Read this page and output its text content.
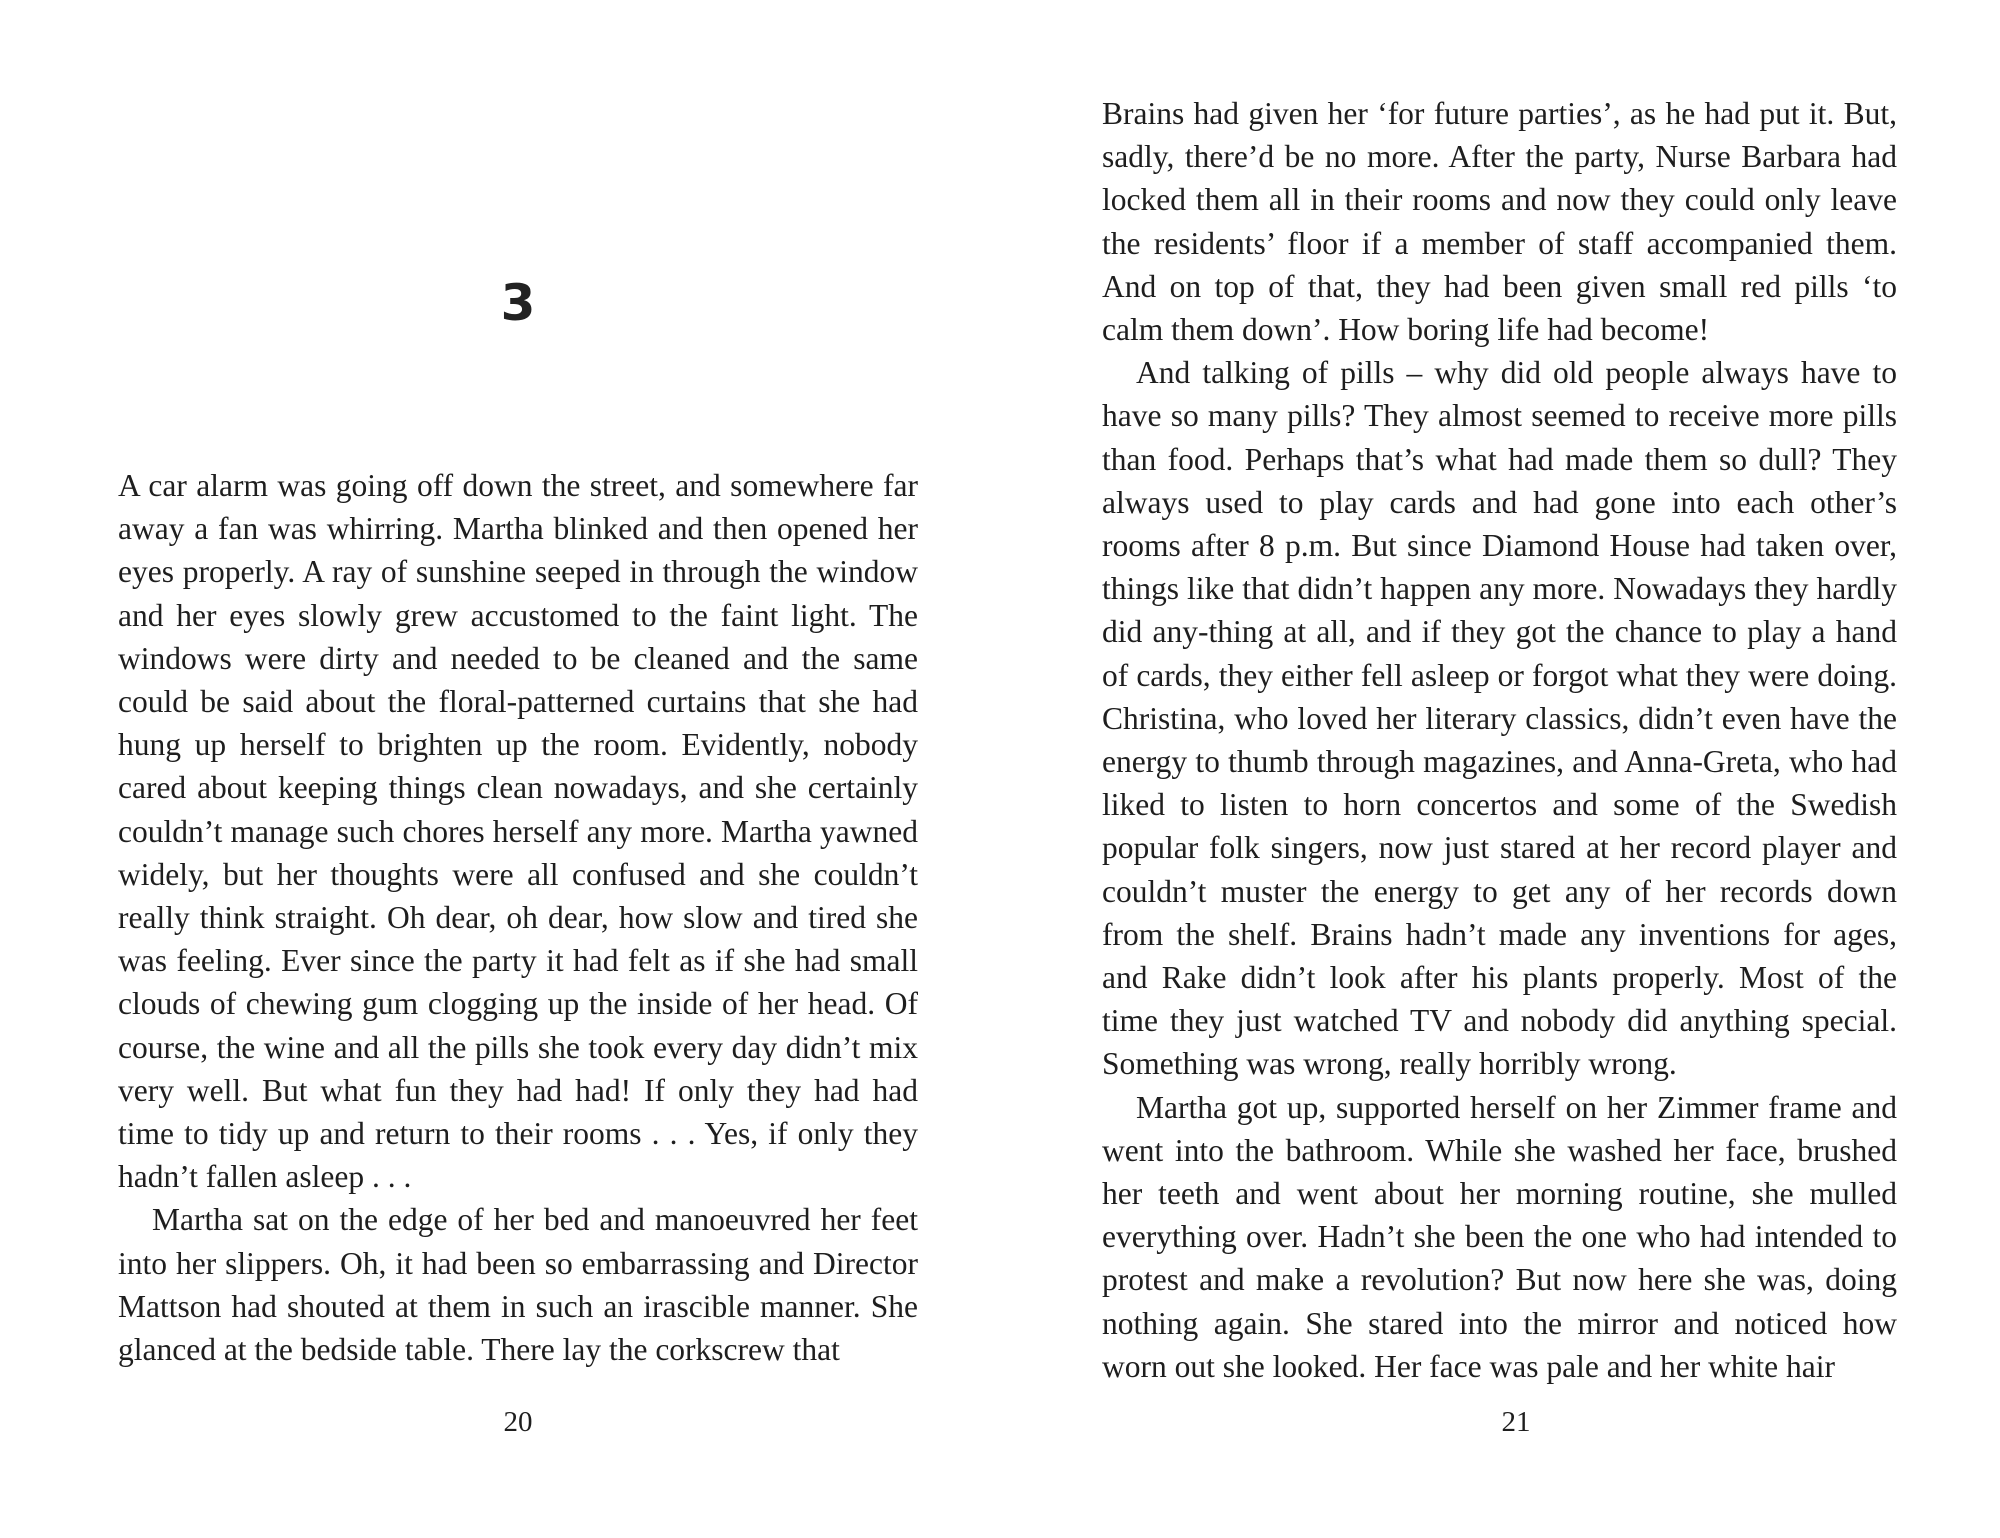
3

A car alarm was going off down the street, and somewhere far away a fan was whirring. Martha blinked and then opened her eyes properly. A ray of sunshine seeped in through the window and her eyes slowly grew accustomed to the faint light. The windows were dirty and needed to be cleaned and the same could be said about the floral-patterned curtains that she had hung up herself to brighten up the room. Evidently, nobody cared about keeping things clean nowadays, and she certainly couldn’t manage such chores herself any more. Martha yawned widely, but her thoughts were all confused and she couldn’t really think straight. Oh dear, oh dear, how slow and tired she was feeling. Ever since the party it had felt as if she had small clouds of chewing gum clogging up the inside of her head. Of course, the wine and all the pills she took every day didn’t mix very well. But what fun they had had! If only they had had time to tidy up and return to their rooms . . . Yes, if only they hadn’t fallen asleep . . .

Martha sat on the edge of her bed and manoeuvred her feet into her slippers. Oh, it had been so embarrassing and Director Mattson had shouted at them in such an irascible manner. She glanced at the bedside table. There lay the corkscrew that

20

Brains had given her ‘for future parties’, as he had put it. But, sadly, there’d be no more. After the party, Nurse Barbara had locked them all in their rooms and now they could only leave the residents’ floor if a member of staff accompanied them. And on top of that, they had been given small red pills ‘to calm them down’. How boring life had become!

And talking of pills – why did old people always have to have so many pills? They almost seemed to receive more pills than food. Perhaps that’s what had made them so dull? They always used to play cards and had gone into each other’s rooms after 8 p.m. But since Diamond House had taken over, things like that didn’t happen any more. Nowadays they hardly did any-thing at all, and if they got the chance to play a hand of cards, they either fell asleep or forgot what they were doing. Christina, who loved her literary classics, didn’t even have the energy to thumb through magazines, and Anna-Greta, who had liked to listen to horn concertos and some of the Swedish popular folk singers, now just stared at her record player and couldn’t muster the energy to get any of her records down from the shelf. Brains hadn’t made any inventions for ages, and Rake didn’t look after his plants properly. Most of the time they just watched TV and nobody did anything special. Something was wrong, really horribly wrong.

Martha got up, supported herself on her Zimmer frame and went into the bathroom. While she washed her face, brushed her teeth and went about her morning routine, she mulled everything over. Hadn’t she been the one who had intended to protest and make a revolution? But now here she was, doing nothing again. She stared into the mirror and noticed how worn out she looked. Her face was pale and her white hair

21
